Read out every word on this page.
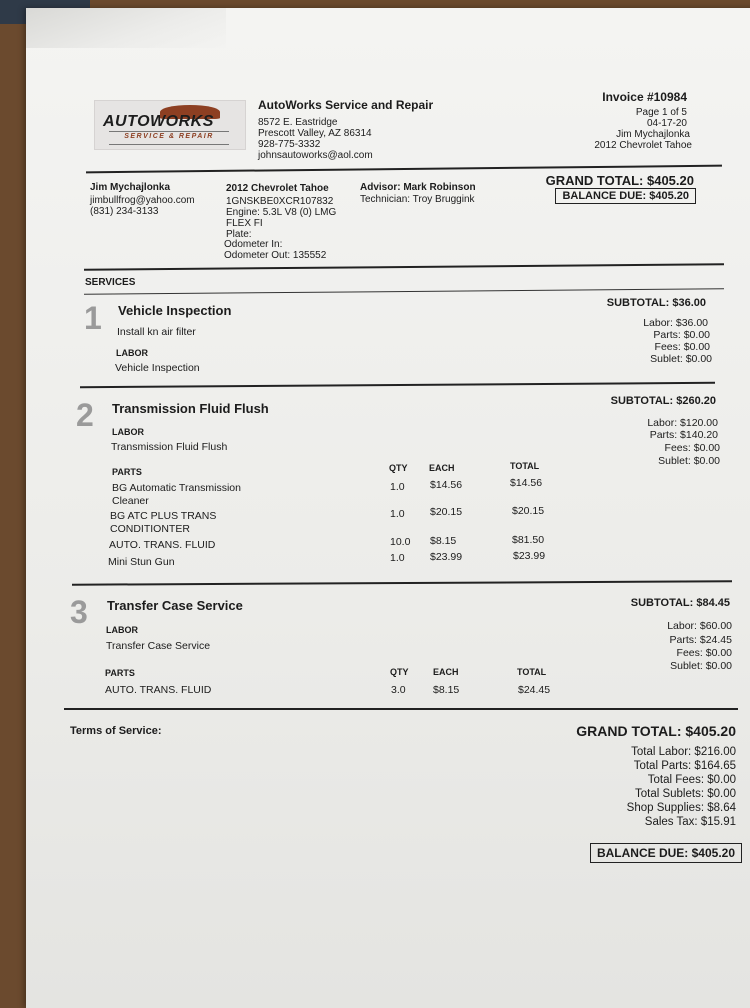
AUTOWORKS
SERVICE & REPAIR
AutoWorks Service and Repair
8572 E. Eastridge
Prescott Valley, AZ 86314
928-775-3332
johnsautoworks@aol.com
Invoice #10984
Page 1 of 5
04-17-20
Jim Mychajlonka
2012 Chevrolet Tahoe
Jim Mychajlonka
jimbullfrog@yahoo.com
(831) 234-3133
2012 Chevrolet Tahoe
1GNSKBE0XCR107832
Engine: 5.3L V8 (0) LMG
FLEX FI
Plate:
Odometer In:
Odometer Out: 135552
Advisor: Mark Robinson
Technician: Troy Bruggink
GRAND TOTAL: $405.20
BALANCE DUE: $405.20
SERVICES
1 Vehicle Inspection
Install kn air filter
LABOR
Vehicle Inspection
SUBTOTAL: $36.00
Labor: $36.00
Parts: $0.00
Fees: $0.00
Sublet: $0.00
2 Transmission Fluid Flush
LABOR
Transmission Fluid Flush
SUBTOTAL: $260.20
Labor: $120.00
Parts: $140.20
Fees: $0.00
Sublet: $0.00
PARTS	QTY EACH	TOTAL
BG Automatic Transmission
Cleaner
1.0 $14.56	$14.56
BG ATC PLUS TRANS
CONDITIONTER
1.0 $20.15	$20.15
AUTO. TRANS. FLUID	10.0 $8.15	$81.50
Mini Stun Gun	1.0 $23.99	$23.99
3 Transfer Case Service
LABOR
Transfer Case Service
SUBTOTAL: $84.45
Labor: $60.00
Parts: $24.45
Fees: $0.00
Sublet: $0.00
PARTS	QTY	EACH	TOTAL
AUTO. TRANS. FLUID	3.0	$8.15	$24.45
Terms of Service:	GRAND TOTAL: $405.20
Total Labor: $216.00
Total Parts: $164.65
Total Fees: $0.00
Total Sublets: $0.00
Shop Supplies: $8.64
Sales Tax: $15.91
BALANCE DUE: $405.20
